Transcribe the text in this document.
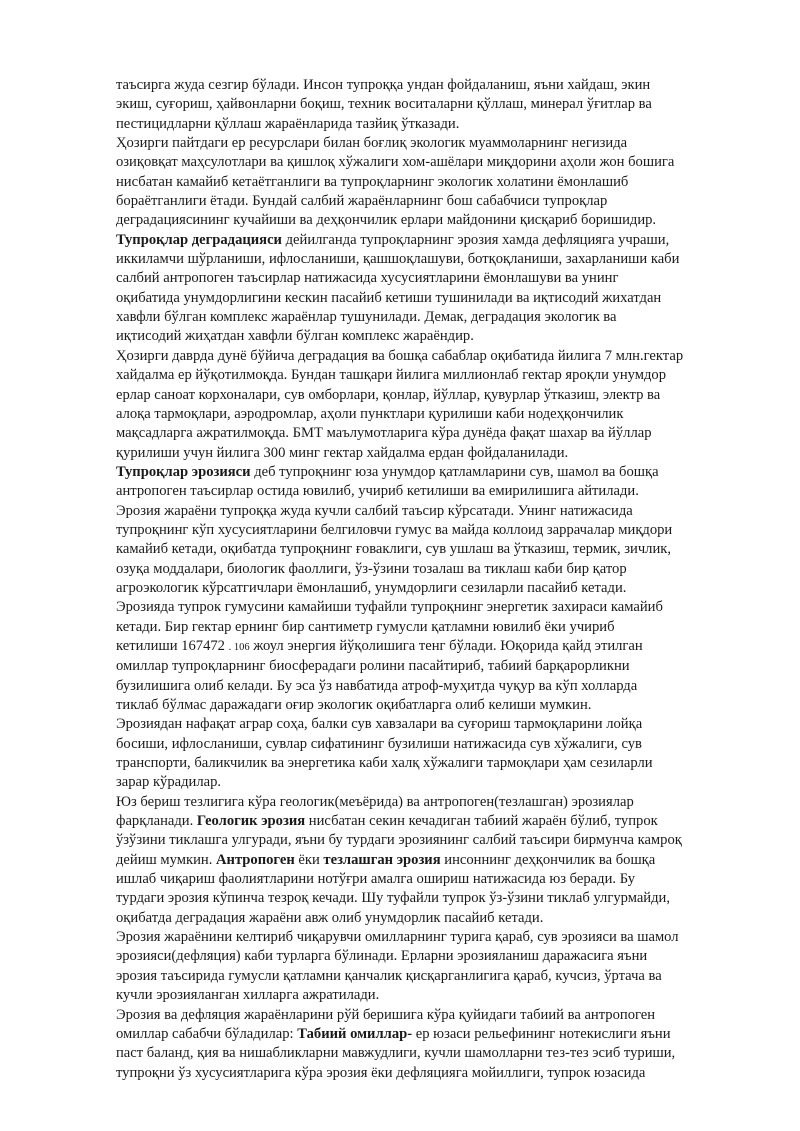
таъсирга жуда сезгир бўлади. Инсон тупроққа ундан фойдаланиш, яъни хайдаш, экин
экиш, суғориш, ҳайвонларни боқиш, техник воситаларни қўллаш, минерал ўғитлар ва
пестицидларни қўллаш жараёнларида тазйиқ ўтказади.
Ҳозирги пайтдаги ер ресурслари билан боғлиқ экологик муаммоларнинг негизида
озиқовқат маҳсулотлари ва қишлоқ хўжалиги хом-ашёлари миқдорини аҳоли жон бошига
нисбатан камайиб кетаётганлиги ва тупроқларнинг экологик холатини ёмонлашиб
бораётганлиги ётади. Бундай салбий жараёнларнинг бош сабабчиси тупроқлар
деградациясининг кучайиши ва деҳқончилик ерлари майдонини қисқариб боришидир.
Тупроқлар деградацияси дейилганда тупроқларнинг эрозия хамда дефляцияга учраши,
иккиламчи шўрланиши, ифлосланиши, қашшоқлашуви, ботқоқланиши, захарланиши каби
салбий антропоген таъсирлар натижасида хусусиятларини ёмонлашуви ва унинг
оқибатида унумдорлигини кескин пасайиб кетиши тушинилади ва иқтисодий жихатдан
хавфли бўлган комплекс жараёнлар тушунилади. Демак, деградация экологик ва
иқтисодий жиҳатдан хавфли бўлган комплекс жараёндир.
Ҳозирги даврда дунё бўйича деградация ва бошқа сабаблар оқибатида йилига 7 млн.гектар
хайдалма ер йўқотилмоқда. Бундан ташқари йилига миллионлаб гектар яроқли унумдор
ерлар саноат корхоналари, сув омборлари, қонлар, йўллар, қувурлар ўтказиш, электр ва
алоқа тармоқлари, аэродромлар, аҳоли пунктлари қурилиши каби нодеҳқончилик
мақсадларга ажратилмоқда. БМТ маълумотларига кўра дунёда фақат шахар ва йўллар
қурилиши учун йилига 300 минг гектар хайдалма ердан фойдаланилади.
Тупроқлар эрозияси деб тупроқнинг юза унумдор қатламларини сув, шамол ва бошқа
антропоген таъсирлар остида ювилиб, учириб кетилиши ва емирилишига айтилади.
Эрозия жараёни тупроққа жуда кучли салбий таъсир кўрсатади. Унинг натижасида
тупроқнинг кўп хусусиятларини белгиловчи гумус ва майда коллоид заррачалар миқдори
камайиб кетади, оқибатда тупроқнинг ғоваклиги, сув ушлаш ва ўтказиш, термик, зичлик,
озуқа моддалари, биологик фаоллиги, ўз-ўзини тозалаш ва тиклаш каби бир қатор
агроэкологик кўрсатгичлари ёмонлашиб, унумдорлиги сезиларли пасайиб кетади.
Эрозияда тупрок гумусини камайиши туфайли тупроқнинг энергетик захираси камайиб
кетади. Бир гектар ернинг бир сантиметр гумусли қатламни ювилиб ёки учириб
кетилиши 167472 . 106 жоул энергия йўқолишига тенг бўлади. Юқорида қайд этилган
омиллар тупроқларнинг биосферадаги ролини пасайтириб, табиий барқарорликни
бузилишига олиб келади. Бу эса ўз навбатида атроф-муҳитда чуқур ва кўп холларда
тиклаб бўлмас даражадаги оғир экологик оқибатларга олиб келиши мумкин.
Эрозиядан нафақат аграр соҳа, балки сув хавзалари ва суғориш тармоқларини лойқа
босиши, ифлосланиши, сувлар сифатининг бузилиши натижасида сув хўжалиги, сув
транспорти, баликчилик ва энергетика каби халқ хўжалиги тармоқлари ҳам сезиларли
зарар кўрадилар.
Юз бериш тезлигига кўра геологик(меъёрида) ва антропоген(тезлашган) эрозиялар
фарқланади. Геологик эрозия нисбатан секин кечадиган табиий жараён бўлиб, тупрок
ўзўзини тиклашга улгуради, яъни бу турдаги эрозиянинг салбий таъсири бирмунча камроқ
дейиш мумкин. Антропоген ёки тезлашган эрозия инсоннинг деҳқончилик ва бошқа
ишлаб чиқариш фаолиятларини нотўғри амалга ошириш натижасида юз беради. Бу
турдаги эрозия кўпинча тезроқ кечади. Шу туфайли тупрок ўз-ўзини тиклаб улгурмайди,
оқибатда деградация жараёни авж олиб унумдорлик пасайиб кетади.
Эрозия жараёнини келтириб чиқарувчи омилларнинг турига қараб, сув эрозияси ва шамол
эрозияси(дефляция) каби турларга бўлинади. Ерларни эрозияланиш даражасига яъни
эрозия таъсирида гумусли қатламни қанчалик қисқарганлигига қараб, кучсиз, ўртача ва
кучли эрозияланган хилларга ажратилади.
Эрозия ва дефляция жараёнларини рўй беришига кўра қуйидаги табиий ва антропоген
омиллар сабабчи бўладилар: Табиий омиллар- ер юзаси рельефининг нотекислиги яъни
паст баланд, қия ва нишабликларни мавжудлиги, кучли шамолларни тез-тез эсиб туриши,
тупроқни ўз хусусиятларига кўра эрозия ёки дефляцияга мойиллиги, тупрок юзасида
